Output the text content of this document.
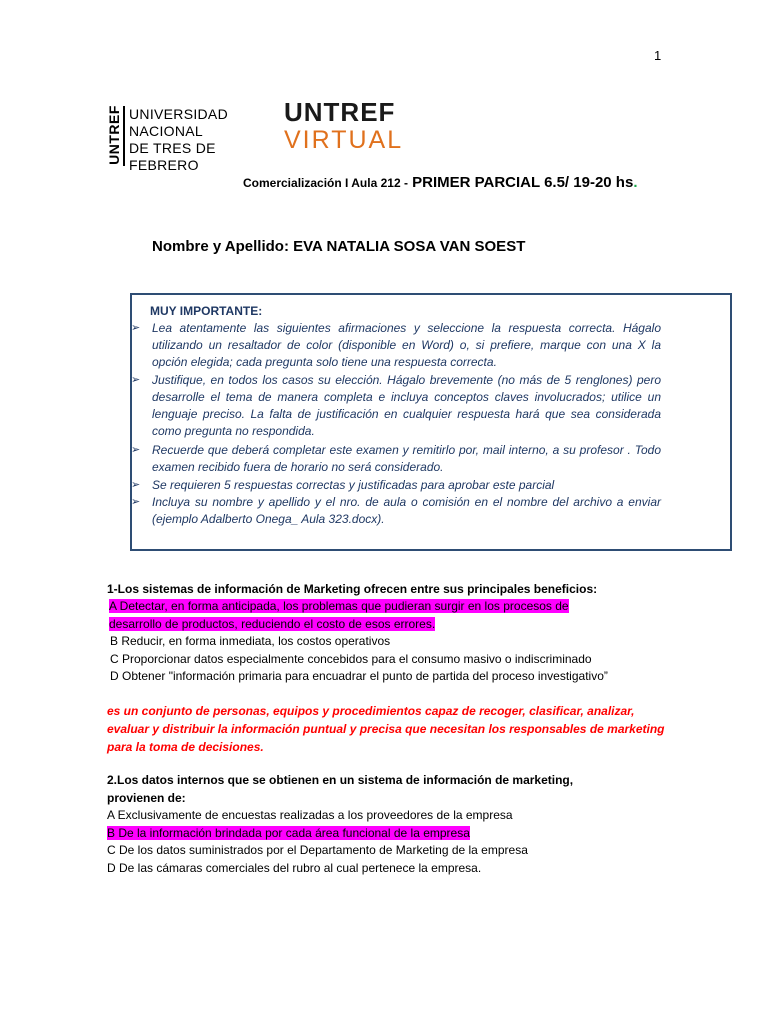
1
UNTREF UNIVERSIDAD
NACIONAL
DE TRES DE FEBRERO
UNTREF
VIRTUAL
Comercialización I Aula 212 - PRIMER PARCIAL 6.5/ 19-20 hs.
Nombre y Apellido: EVA NATALIA SOSA VAN SOEST
MUY IMPORTANTE:
➢ Lea atentamente las siguientes afirmaciones y seleccione la respuesta correcta. Hágalo utilizando un resaltador de color (disponible en Word) o, si prefiere, marque con una X la opción elegida; cada pregunta solo tiene una respuesta correcta.
➢ Justifique, en todos los casos su elección. Hágalo brevemente (no más de 5 renglones) pero desarrolle el tema de manera completa e incluya conceptos claves involucrados; utilice un lenguaje preciso. La falta de justificación en cualquier respuesta hará que sea considerada como pregunta no respondida.
➢ Recuerde que deberá completar este examen y remitirlo por, mail interno, a su profesor . Todo examen recibido fuera de horario no será considerado.
➢ Se requieren 5 respuestas correctas y justificadas para aprobar este parcial
➢ Incluya su nombre y apellido y el nro. de aula o comisión en el nombre del archivo a enviar (ejemplo Adalberto Onega_ Aula 323.docx).
1-Los sistemas de información de Marketing ofrecen entre sus principales beneficios:
A Detectar, en forma anticipada, los problemas que pudieran surgir en los procesos de
desarrollo de productos, reduciendo el costo de esos errores.
B Reducir, en forma inmediata, los costos operativos
C Proporcionar datos especialmente concebidos para el consumo masivo o indiscriminado
D Obtener "información primaria para encuadrar el punto de partida del proceso investigativo”
es un conjunto de personas, equipos y procedimientos capaz de recoger, clasificar, analizar,
evaluar y distribuir la información puntual y precisa que necesitan los responsables de marketing
para la toma de decisiones.
2.Los datos internos que se obtienen en un sistema de información de marketing,
provienen de:
A Exclusivamente de encuestas realizadas a los proveedores de la empresa
B De la información brindada por cada área funcional de la empresa
C De los datos suministrados por el Departamento de Marketing de la empresa
D De las cámaras comerciales del rubro al cual pertenece la empresa.
